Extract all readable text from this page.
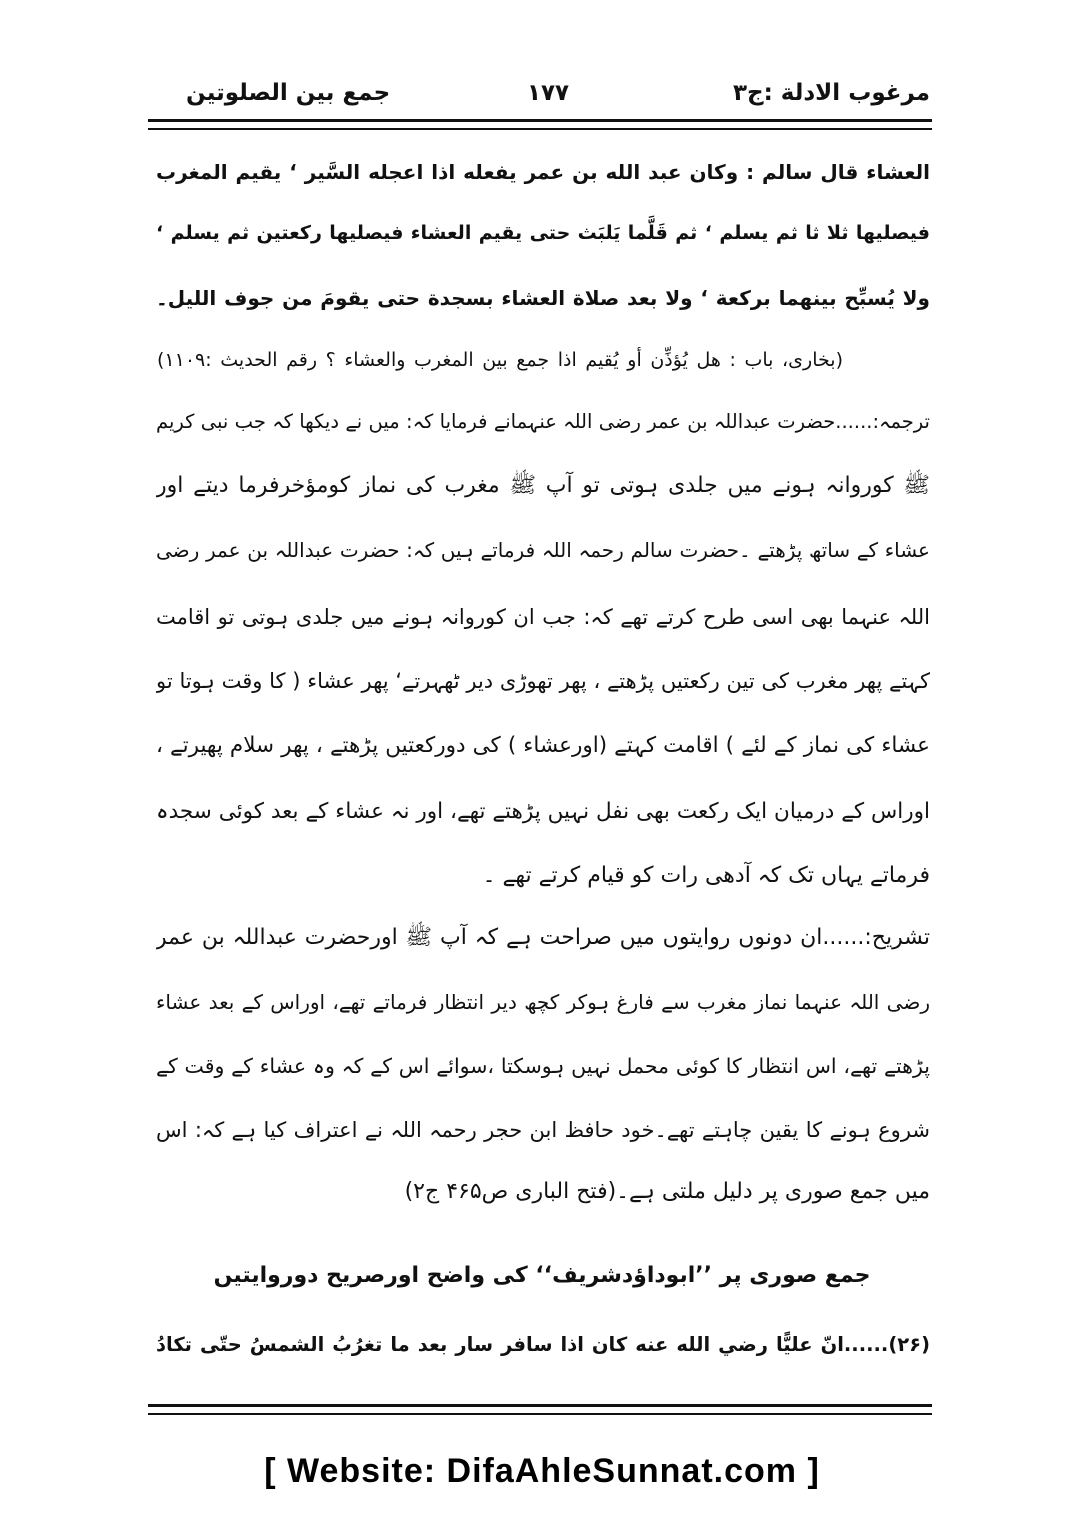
مرغوب الادلة :ج۳
۱۷۷
جمع بين الصلوتين
العشاء قال سالم : وكان عبد الله بن عمر يفعله اذا اعجله السَّير ‘ يقيم المغرب
فيصليها ثلا ثا ثم يسلم ‘ ثم قَلَّما يَلبَث حتى يقيم العشاء فيصليها ركعتين ثم يسلم ‘
ولا يُسبِّح بينهما بركعة ‘ ولا بعد صلاة العشاء بسجدة حتى يقومَ من جوف الليل۔
(بخاری، باب : هل يُؤذِّن أو يُقيم اذا جمع بين المغرب والعشاء ؟ رقم الحديث :۱۱۰۹)
ترجمہ:......حضرت عبداللہ بن عمر رضی اللہ عنہمانے فرمایا کہ: میں نے دیکھا کہ جب نبی کریم
ﷺ کوروانہ ہونے میں جلدی ہوتی تو آپ ﷺ مغرب کی نماز کومؤخرفرما دیتے اور
عشاء کے ساتھ پڑھتے ۔حضرت سالم رحمہ اللہ فرماتے ہیں کہ: حضرت عبداللہ بن عمر رضی
اللہ عنہما بھی اسی طرح کرتے تھے کہ: جب ان کوروانہ ہونے میں جلدی ہوتی تو اقامت
کہتے پھر مغرب کی تین رکعتیں پڑھتے ، پھر تھوڑی دیر ٹھہرتے‘ پھر عشاء ( کا وقت ہوتا تو
عشاء کی نماز کے لئے ) اقامت کہتے (اورعشاء ) کی دورکعتیں پڑھتے ، پھر سلام پھیرتے ،
اوراس کے درمیان ایک رکعت بھی نفل نہیں پڑھتے تھے، اور نہ عشاء کے بعد کوئی سجدہ
فرماتے یہاں تک کہ آدھی رات کو قیام کرتے تھے ۔
تشریح:......ان دونوں روایتوں میں صراحت ہے کہ آپ ﷺ اورحضرت عبداللہ بن عمر
رضی اللہ عنہما نماز مغرب سے فارغ ہوکر کچھ دیر انتظار فرماتے تھے، اوراس کے بعد عشاء
پڑھتے تھے، اس انتظار کا کوئی محمل نہیں ہوسکتا ،سوائے اس کے کہ وہ عشاء کے وقت کے
شروع ہونے کا یقین چاہتے تھے۔خود حافظ ابن حجر رحمہ اللہ نے اعتراف کیا ہے کہ: اس
میں جمع صوری پر دلیل ملتی ہے۔(فتح الباری ص۴۶۵ ج۲)
جمع صوری پر ’’ابوداؤدشریف‘‘ کی واضح اورصریح دوروایتیں
(۲۶)......انّ عليًّا رضي الله عنه كان اذا سافر سار بعد ما تغرُبُ الشمسُ حتّى تكادُ
[ Website: DifaAhleSunnat.com ]
